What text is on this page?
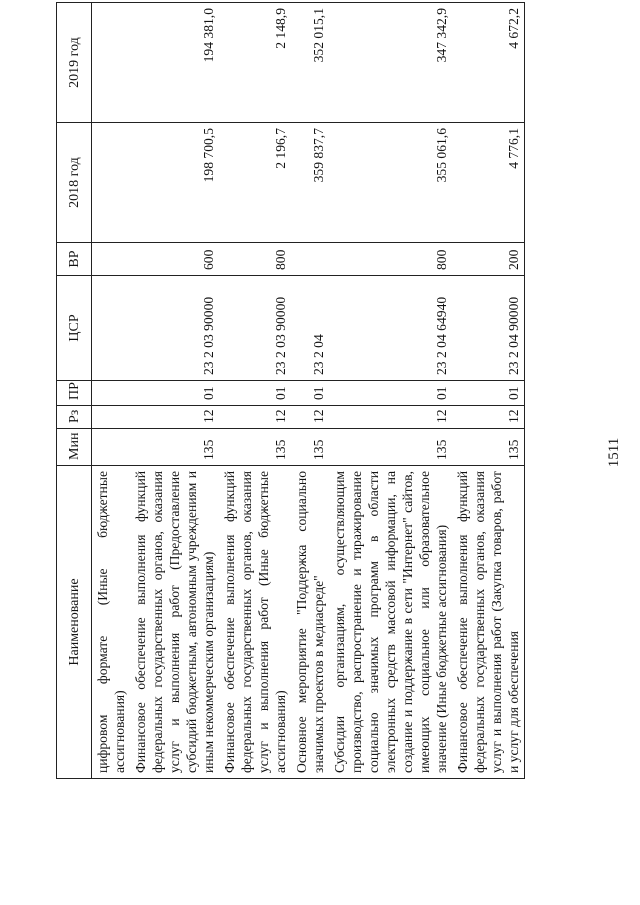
1511
Наименование	Мин	Рз	ПР	ЦСР	ВР	2018 год	2019 год
цифровом формате (Иные бюджетные ассигнования)							
Финансовое обеспечение выполнения функций федеральных государственных органов, оказания услуг и выполнения работ (Предоставление субсидий бюджетным, автономным учреждениям и иным некоммерческим организациям)	135	12	01	23 2 03 90000	600	198 700,5	194 381,0
Финансовое обеспечение выполнения функций федеральных государственных органов, оказания услуг и выполнения работ (Иные бюджетные ассигнования)	135	12	01	23 2 03 90000	800	2 196,7	2 148,9
Основное мероприятие "Поддержка социально значимых проектов в медиасреде"	135	12	01	23 2 04		359 837,7	352 015,1
Субсидии организациям, осуществляющим производство, распространение и тиражирование социально значимых программ в области электронных средств массовой информации, на создание и поддержание в сети "Интернет" сайтов, имеющих социальное или образовательное значение (Иные бюджетные ассигнования)	135	12	01	23 2 04 64940	800	355 061,6	347 342,9
Финансовое обеспечение выполнения функций федеральных государственных органов, оказания услуг и выполнения работ (Закупка товаров, работ и услуг для обеспечения	135	12	01	23 2 04 90000	200	4 776,1	4 672,2
